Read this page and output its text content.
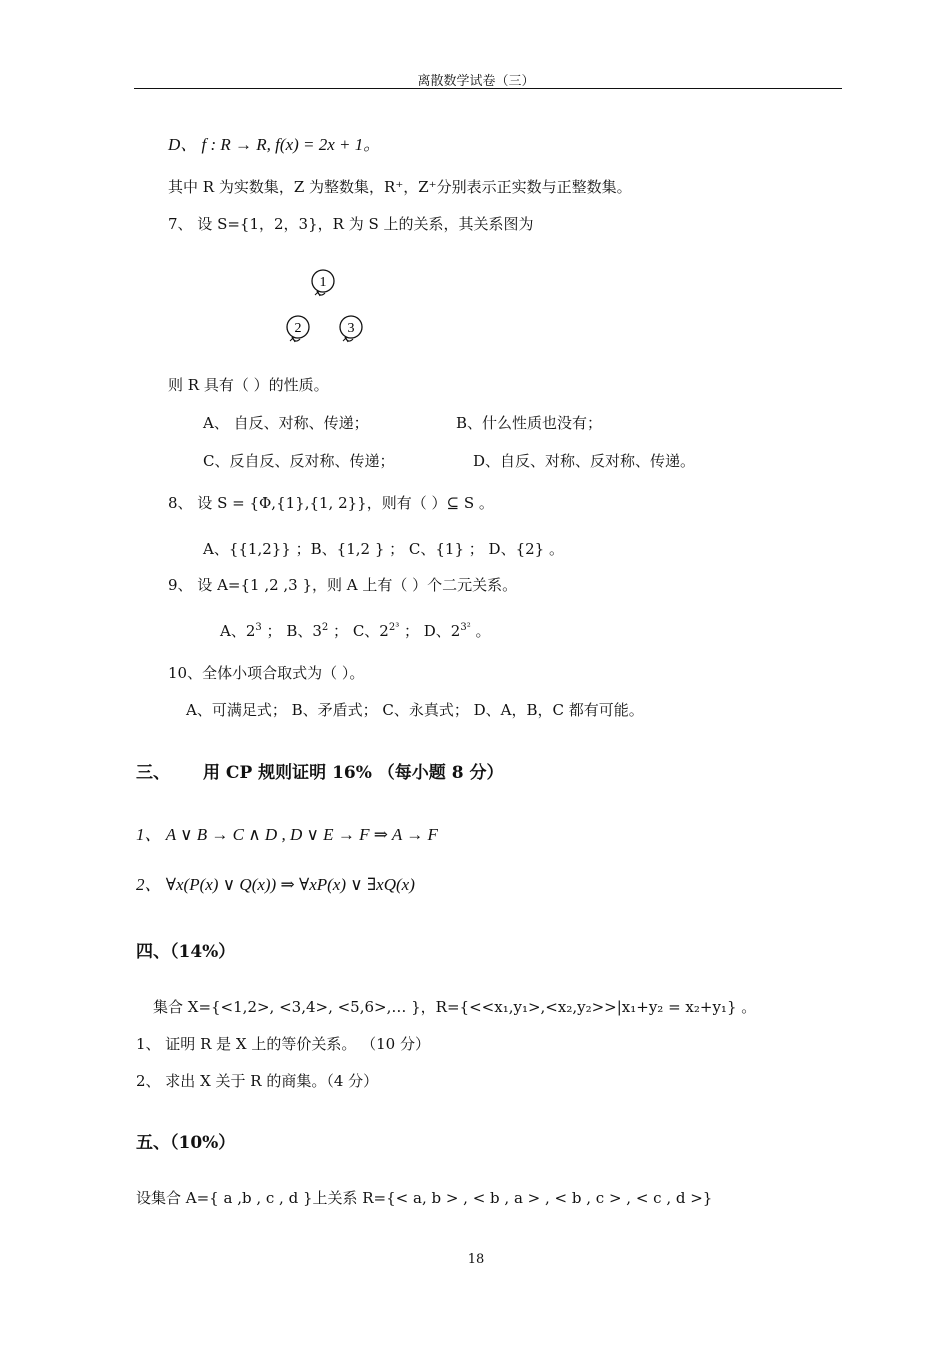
离散数学试卷（三）
D、 f : R → R, f(x) = 2x + 1。
其中 R 为实数集，Z 为整数集，R⁺，Z⁺分别表示正实数与正整数集。
7、 设 S={1，2，3}，R 为 S 上的关系，其关系图为
1
2	3
则 R 具有（ ）的性质。
A、 自反、对称、传递；	B、什么性质也没有；
C、反自反、反对称、传递；	D、自反、对称、反对称、传递。
8、 设 S = {Φ,{1},{1, 2}}，则有（ ）⊆ S 。
A、{{1,2}} ；B、{1,2 } ； C、{1} ； D、{2} 。
9、 设 A={1 ,2 ,3 }，则 A 上有（ ）个二元关系。
A、$2^3$ ； B、$3^2$ ； C、$2^{2^3}$ ； D、$2^{3^2}$ 。
10、全体小项合取式为（ ）。
A、可满足式； B、矛盾式； C、永真式； D、A，B，C 都有可能。
三、 用 CP 规则证明 16% （每小题 8 分）
1、 A ∨ B → C ∧ D , D ∨ E → F ⇒ A → F
2、 ∀x(P(x) ∨ Q(x)) ⇒ ∀xP(x) ∨ ∃xQ(x)
四、（14%）
集合 X={<1,2>, <3,4>, <5,6>,… }，R={<<x₁,y₁>,<x₂,y₂>>|x₁+y₂ = x₂+y₁} 。
1、 证明 R 是 X 上的等价关系。 （10 分）
2、 求出 X 关于 R 的商集。（4 分）
五、（10%）
设集合 A={ a ,b , c , d }上关系 R={< a, b > , < b , a > , < b , c > , < c , d >}
18
